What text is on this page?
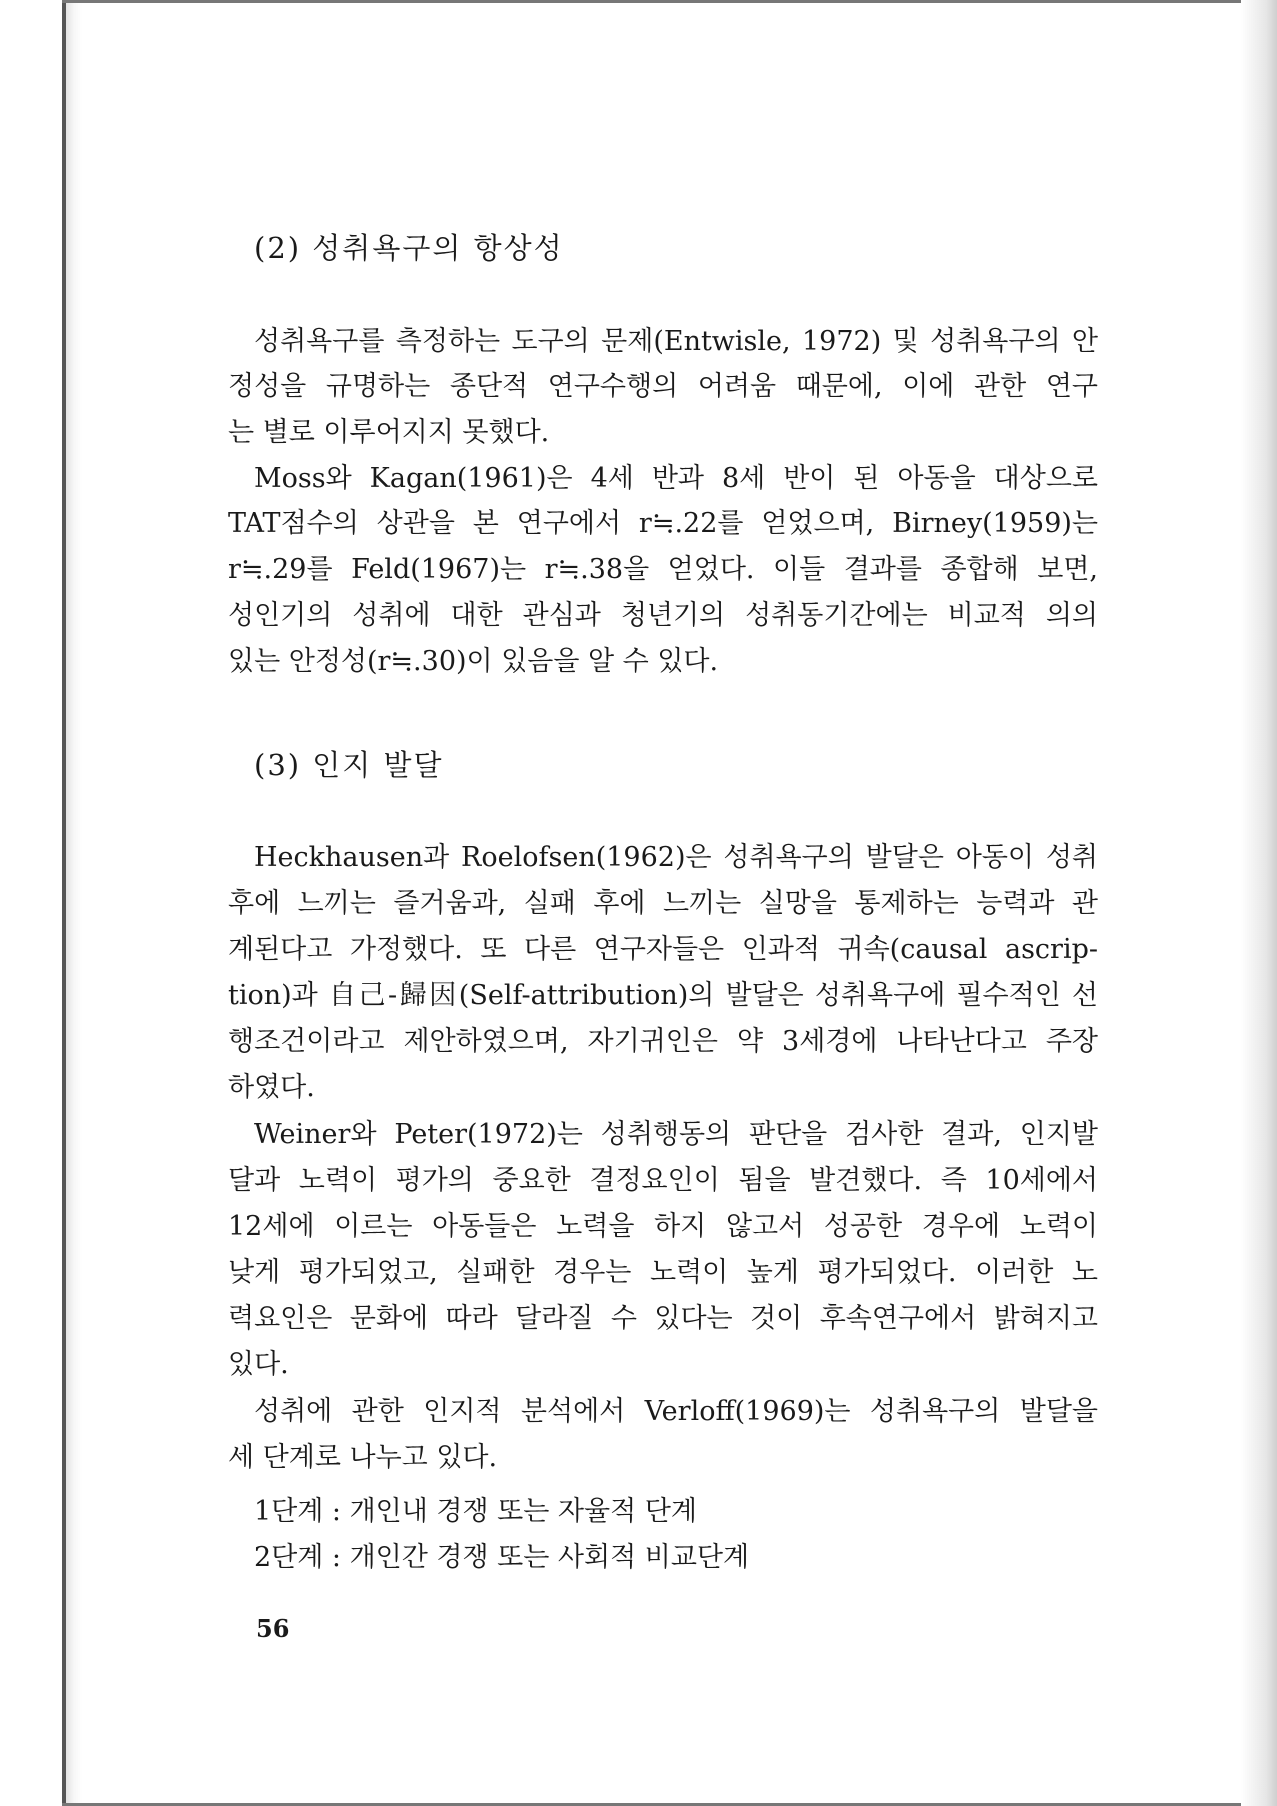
(2) 성취욕구의 항상성

성취욕구를 측정하는 도구의 문제(Entwisle, 1972) 및 성취욕구의 안

정성을 규명하는 종단적 연구수행의 어려움 때문에, 이에 관한 연구

는 별로 이루어지지 못했다.

Moss와 Kagan(1961)은 4세 반과 8세 반이 된 아동을 대상으로

TAT점수의 상관을 본 연구에서 r≒.22를 얻었으며, Birney(1959)는

r≒.29를 Feld(1967)는 r≒.38을 얻었다. 이들 결과를 종합해 보면,

성인기의 성취에 대한 관심과 청년기의 성취동기간에는 비교적 의의

있는 안정성(r≒.30)이 있음을 알 수 있다.

(3) 인지 발달

Heckhausen과 Roelofsen(1962)은 성취욕구의 발달은 아동이 성취

후에 느끼는 즐거움과, 실패 후에 느끼는 실망을 통제하는 능력과 관

계된다고 가정했다. 또 다른 연구자들은 인과적 귀속(causal ascrip-

tion)과 自己-歸因(Self-attribution)의 발달은 성취욕구에 필수적인 선

행조건이라고 제안하였으며, 자기귀인은 약 3세경에 나타난다고 주장

하였다.

Weiner와 Peter(1972)는 성취행동의 판단을 검사한 결과, 인지발

달과 노력이 평가의 중요한 결정요인이 됨을 발견했다. 즉 10세에서

12세에 이르는 아동들은 노력을 하지 않고서 성공한 경우에 노력이

낮게 평가되었고, 실패한 경우는 노력이 높게 평가되었다. 이러한 노

력요인은 문화에 따라 달라질 수 있다는 것이 후속연구에서 밝혀지고

있다.

성취에 관한 인지적 분석에서 Verloff(1969)는 성취욕구의 발달을

세 단계로 나누고 있다.

1단계 : 개인내 경쟁 또는 자율적 단계

2단계 : 개인간 경쟁 또는 사회적 비교단계

56
